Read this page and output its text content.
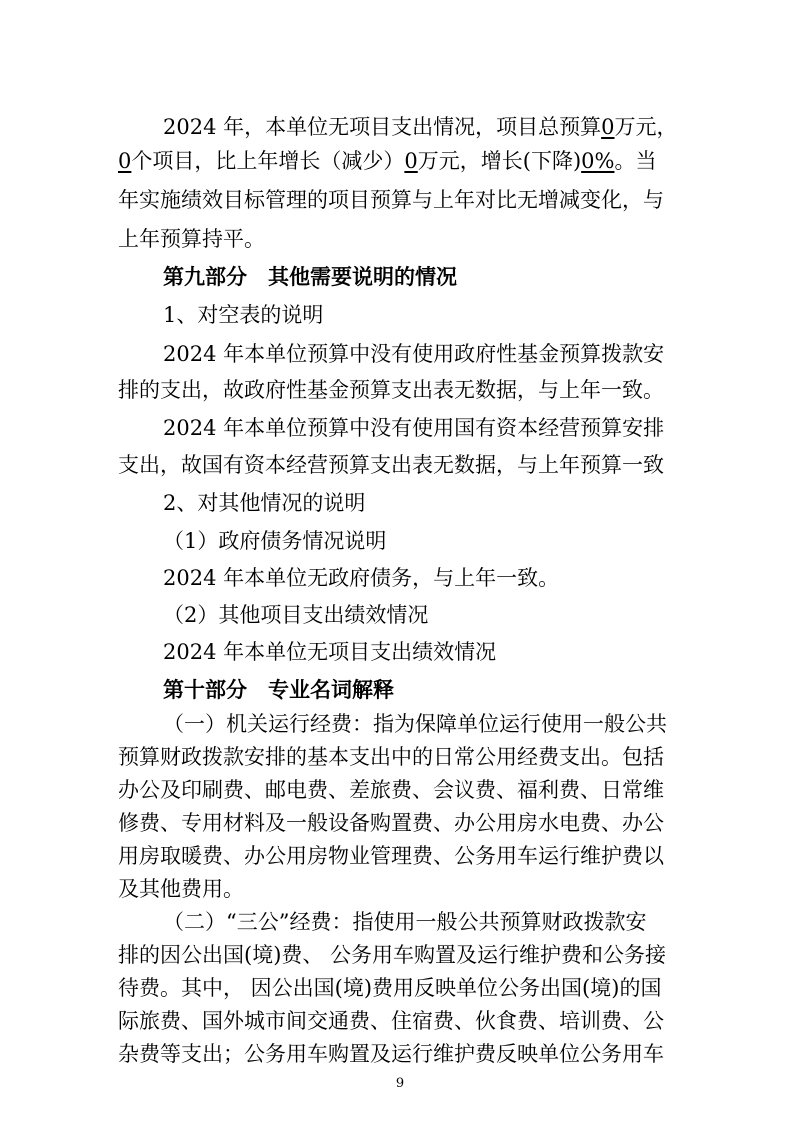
2024 年，本单位无项目支出情况，项目总预算0万元，
0个项目，比上年增长（减少）0万元，增长(下降)0%。当
年实施绩效目标管理的项目预算与上年对比无增减变化，与
上年预算持平。
第九部分　其他需要说明的情况
1、对空表的说明
2024 年本单位预算中没有使用政府性基金预算拨款安
排的支出，故政府性基金预算支出表无数据，与上年一致。
2024 年本单位预算中没有使用国有资本经营预算安排
支出，故国有资本经营预算支出表无数据，与上年预算一致
2、对其他情况的说明
（1）政府债务情况说明
2024 年本单位无政府债务，与上年一致。
（2）其他项目支出绩效情况
2024 年本单位无项目支出绩效情况
第十部分　专业名词解释
（一）机关运行经费：指为保障单位运行使用一般公共
预算财政拨款安排的基本支出中的日常公用经费支出。包括
办公及印刷费、邮电费、差旅费、会议费、福利费、日常维
修费、专用材料及一般设备购置费、办公用房水电费、办公
用房取暖费、办公用房物业管理费、公务用车运行维护费以
及其他费用。
（二）“三公”经费：指使用一般公共预算财政拨款安
排的因公出国(境)费、 公务用车购置及运行维护费和公务接
待费。其中， 因公出国(境)费用反映单位公务出国(境)的国
际旅费、国外城市间交通费、住宿费、伙食费、培训费、公
杂费等支出；公务用车购置及运行维护费反映单位公务用车
9
